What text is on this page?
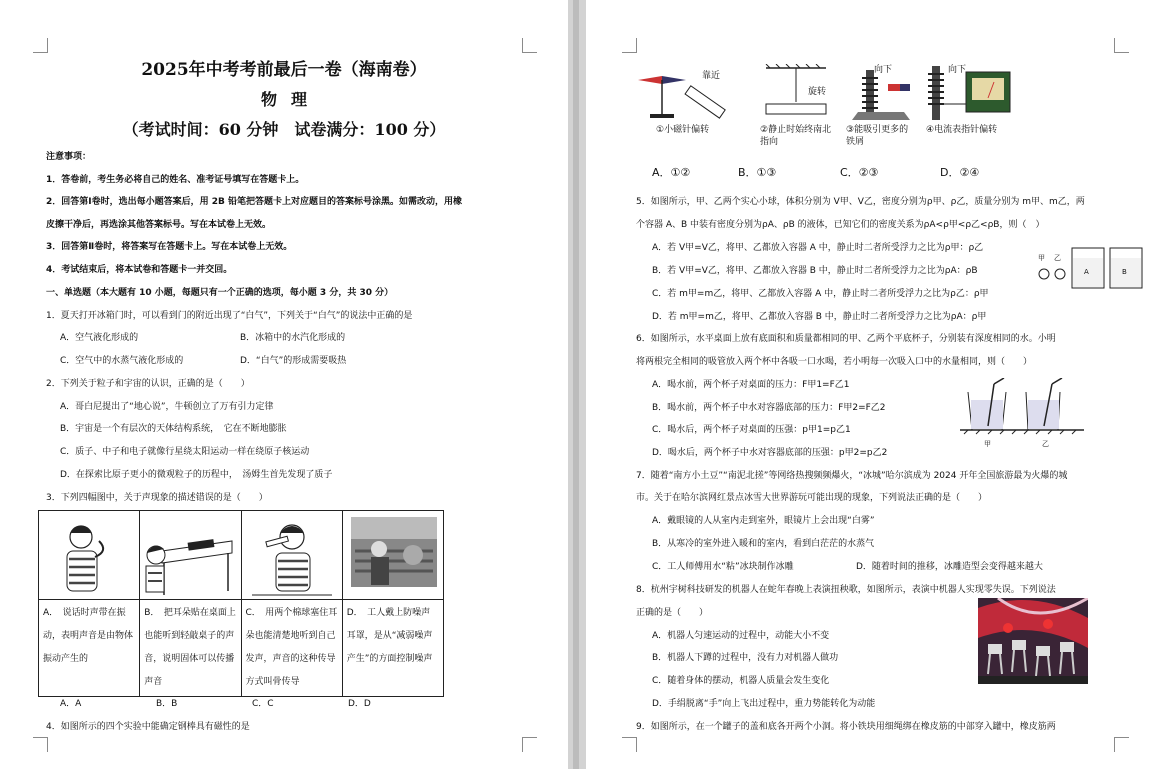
2025年中考考前最后一卷（海南卷）
物理
（考试时间：60 分钟　试卷满分：100 分）
注意事项：
1．答卷前，考生务必将自己的姓名、准考证号填写在答题卡上。
2．回答第Ⅰ卷时，选出每小题答案后，用 2B 铅笔把答题卡上对应题目的答案标号涂黑。如需改动，用橡
皮擦干净后，再选涂其他答案标号。写在本试卷上无效。
3．回答第Ⅱ卷时，将答案写在答题卡上。写在本试卷上无效。
4．考试结束后，将本试卷和答题卡一并交回。
一、单选题（本大题有 10 小题，每题只有一个正确的选项，每小题 3 分，共 30 分）
1．夏天打开冰箱门时，可以看到门的附近出现了“白气”，下列关于“白气”的说法中正确的是
A．空气液化形成的	B．冰箱中的水汽化形成的
C．空气中的水蒸气液化形成的	D．“白气”的形成需要吸热
2．下列关于粒子和宇宙的认识，正确的是（　　）
A．哥白尼提出了“地心说”，牛顿创立了万有引力定律
B．宇宙是一个有层次的天体结构系统，　它在不断地膨胀
C．质子、中子和电子就像行星绕太阳运动一样在绕原子核运动
D．在探索比原子更小的微观粒子的历程中，　汤姆生首先发现了质子
3．下列四幅图中，关于声现象的描述错误的是（　　）
A．　说话时声带在振动，表明声音是由物体振动产生的

B．　把耳朵贴在桌面上也能听到轻敲桌子的声音，说明固体可以传播声音

C．　用两个棉球塞住耳朵也能清楚地听到自己发声，声音的这种传导方式叫骨传导

D．　工人戴上防噪声耳罩，是从“减弱噪声产生”的方面控制噪声
A．A	B．B	C．C	D．D
4．如图所示的四个实验中能确定钢棒具有磁性的是
靠近
旋转
向下	向下
①小磁针偏转	②静止时始终南北指向
③能吸引更多的铁屑
④电流表指针偏转
A．①②	B．①③	C．②③	D．②④
5．如图所示，甲、乙两个实心小球，体积分别为 V甲、V乙，密度分别为ρ甲、ρ乙，质量分别为 m甲、m乙，两
个容器 A、B 中装有密度分别为ρA、ρB 的液体，已知它们的密度关系为ρA<ρ甲<ρ乙<ρB，则（　）
A．若 V甲=V乙，将甲、乙都放入容器 A 中，静止时二者所受浮力之比为ρ甲：ρ乙
B．若 V甲=V乙，将甲、乙都放入容器 B 中，静止时二者所受浮力之比为ρA：ρB
C．若 m甲=m乙，将甲、乙都放入容器 A 中，静止时二者所受浮力之比为ρ乙：ρ甲
D．若 m甲=m乙，将甲、乙都放入容器 B 中，静止时二者所受浮力之比为ρA：ρ甲
甲 乙
A	B
6．如图所示，水平桌面上放有底面积和质量都相同的甲、乙两个平底杯子，分别装有深度相同的水。小明
将两根完全相同的吸管放入两个杯中各吸一口水喝，若小明每一次吸入口中的水量相同，则（　　）
A．喝水前，两个杯子对桌面的压力：F甲1=F乙1
B．喝水前，两个杯子中水对容器底部的压力：F甲2=F乙2
C．喝水后，两个杯子对桌面的压强：p甲1=p乙1
D．喝水后，两个杯子中水对容器底部的压强：p甲2=p乙2
甲	乙
7．随着“南方小土豆”“南泥北搓”等网络热搜频频爆火，“冰城”哈尔滨成为 2024 开年全国旅游最为火爆的城
市。关于在哈尔滨网红景点冰雪大世界游玩可能出现的现象，下列说法正确的是（　　）
A．戴眼镜的人从室内走到室外，眼镜片上会出现“白雾”
B．从寒冷的室外进入暖和的室内，看到白茫茫的水蒸气
C．工人师傅用水“粘”冰块制作冰雕	D．随着时间的推移，冰雕造型会变得越来越大
8．杭州宇树科技研发的机器人在蛇年春晚上表演扭秧歌，如图所示，表演中机器人实现零失误。下列说法
正确的是（　　）
A．机器人匀速运动的过程中，动能大小不变
B．机器人下蹲的过程中，没有力对机器人做功
C．随着身体的摆动，机器人质量会发生变化
D．手绢脱离“手”向上飞出过程中，重力势能转化为动能
9．如图所示，在一个罐子的盖和底各开两个小洞。将小铁块用细绳绑在橡皮筋的中部穿入罐中，橡皮筋两
